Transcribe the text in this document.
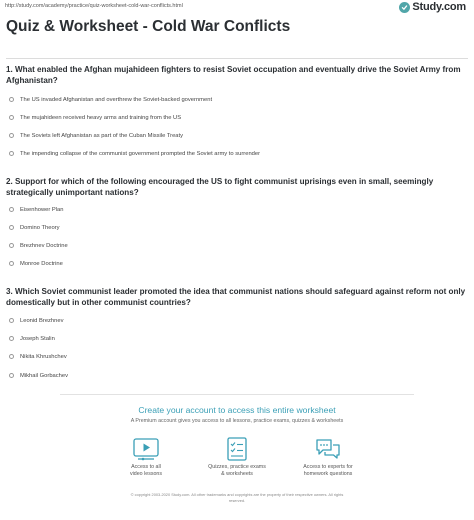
http://study.com/academy/practice/quiz-worksheet-cold-war-conflicts.html	Study.com
Quiz & Worksheet - Cold War Conflicts
1. What enabled the Afghan mujahideen fighters to resist Soviet occupation and eventually drive the Soviet Army from Afghanistan?
The US invaded Afghanistan and overthrew the Soviet-backed government
The mujahideen received heavy arms and training from the US
The Soviets left Afghanistan as part of the Cuban Missile Treaty
The impending collapse of the communist government prompted the Soviet army to surrender
2. Support for which of the following encouraged the US to fight communist uprisings even in small, seemingly strategically unimportant nations?
Eisenhower Plan
Domino Theory
Brezhnev Doctrine
Monroe Doctrine
3. Which Soviet communist leader promoted the idea that communist nations should safeguard against reform not only domestically but in other communist countries?
Leonid Brezhnev
Joseph Stalin
Nikita Khrushchev
Mikhail Gorbachev
Create your account to access this entire worksheet
A Premium account gives you access to all lessons, practice exams, quizzes & worksheets
Access to all
video lessons
Quizzes, practice exams
& worksheets
Access to experts for
homework questions
© copyright 2003-2020 Study.com. All other trademarks and copyrights are the property of their respective owners. All rights
reserved.
